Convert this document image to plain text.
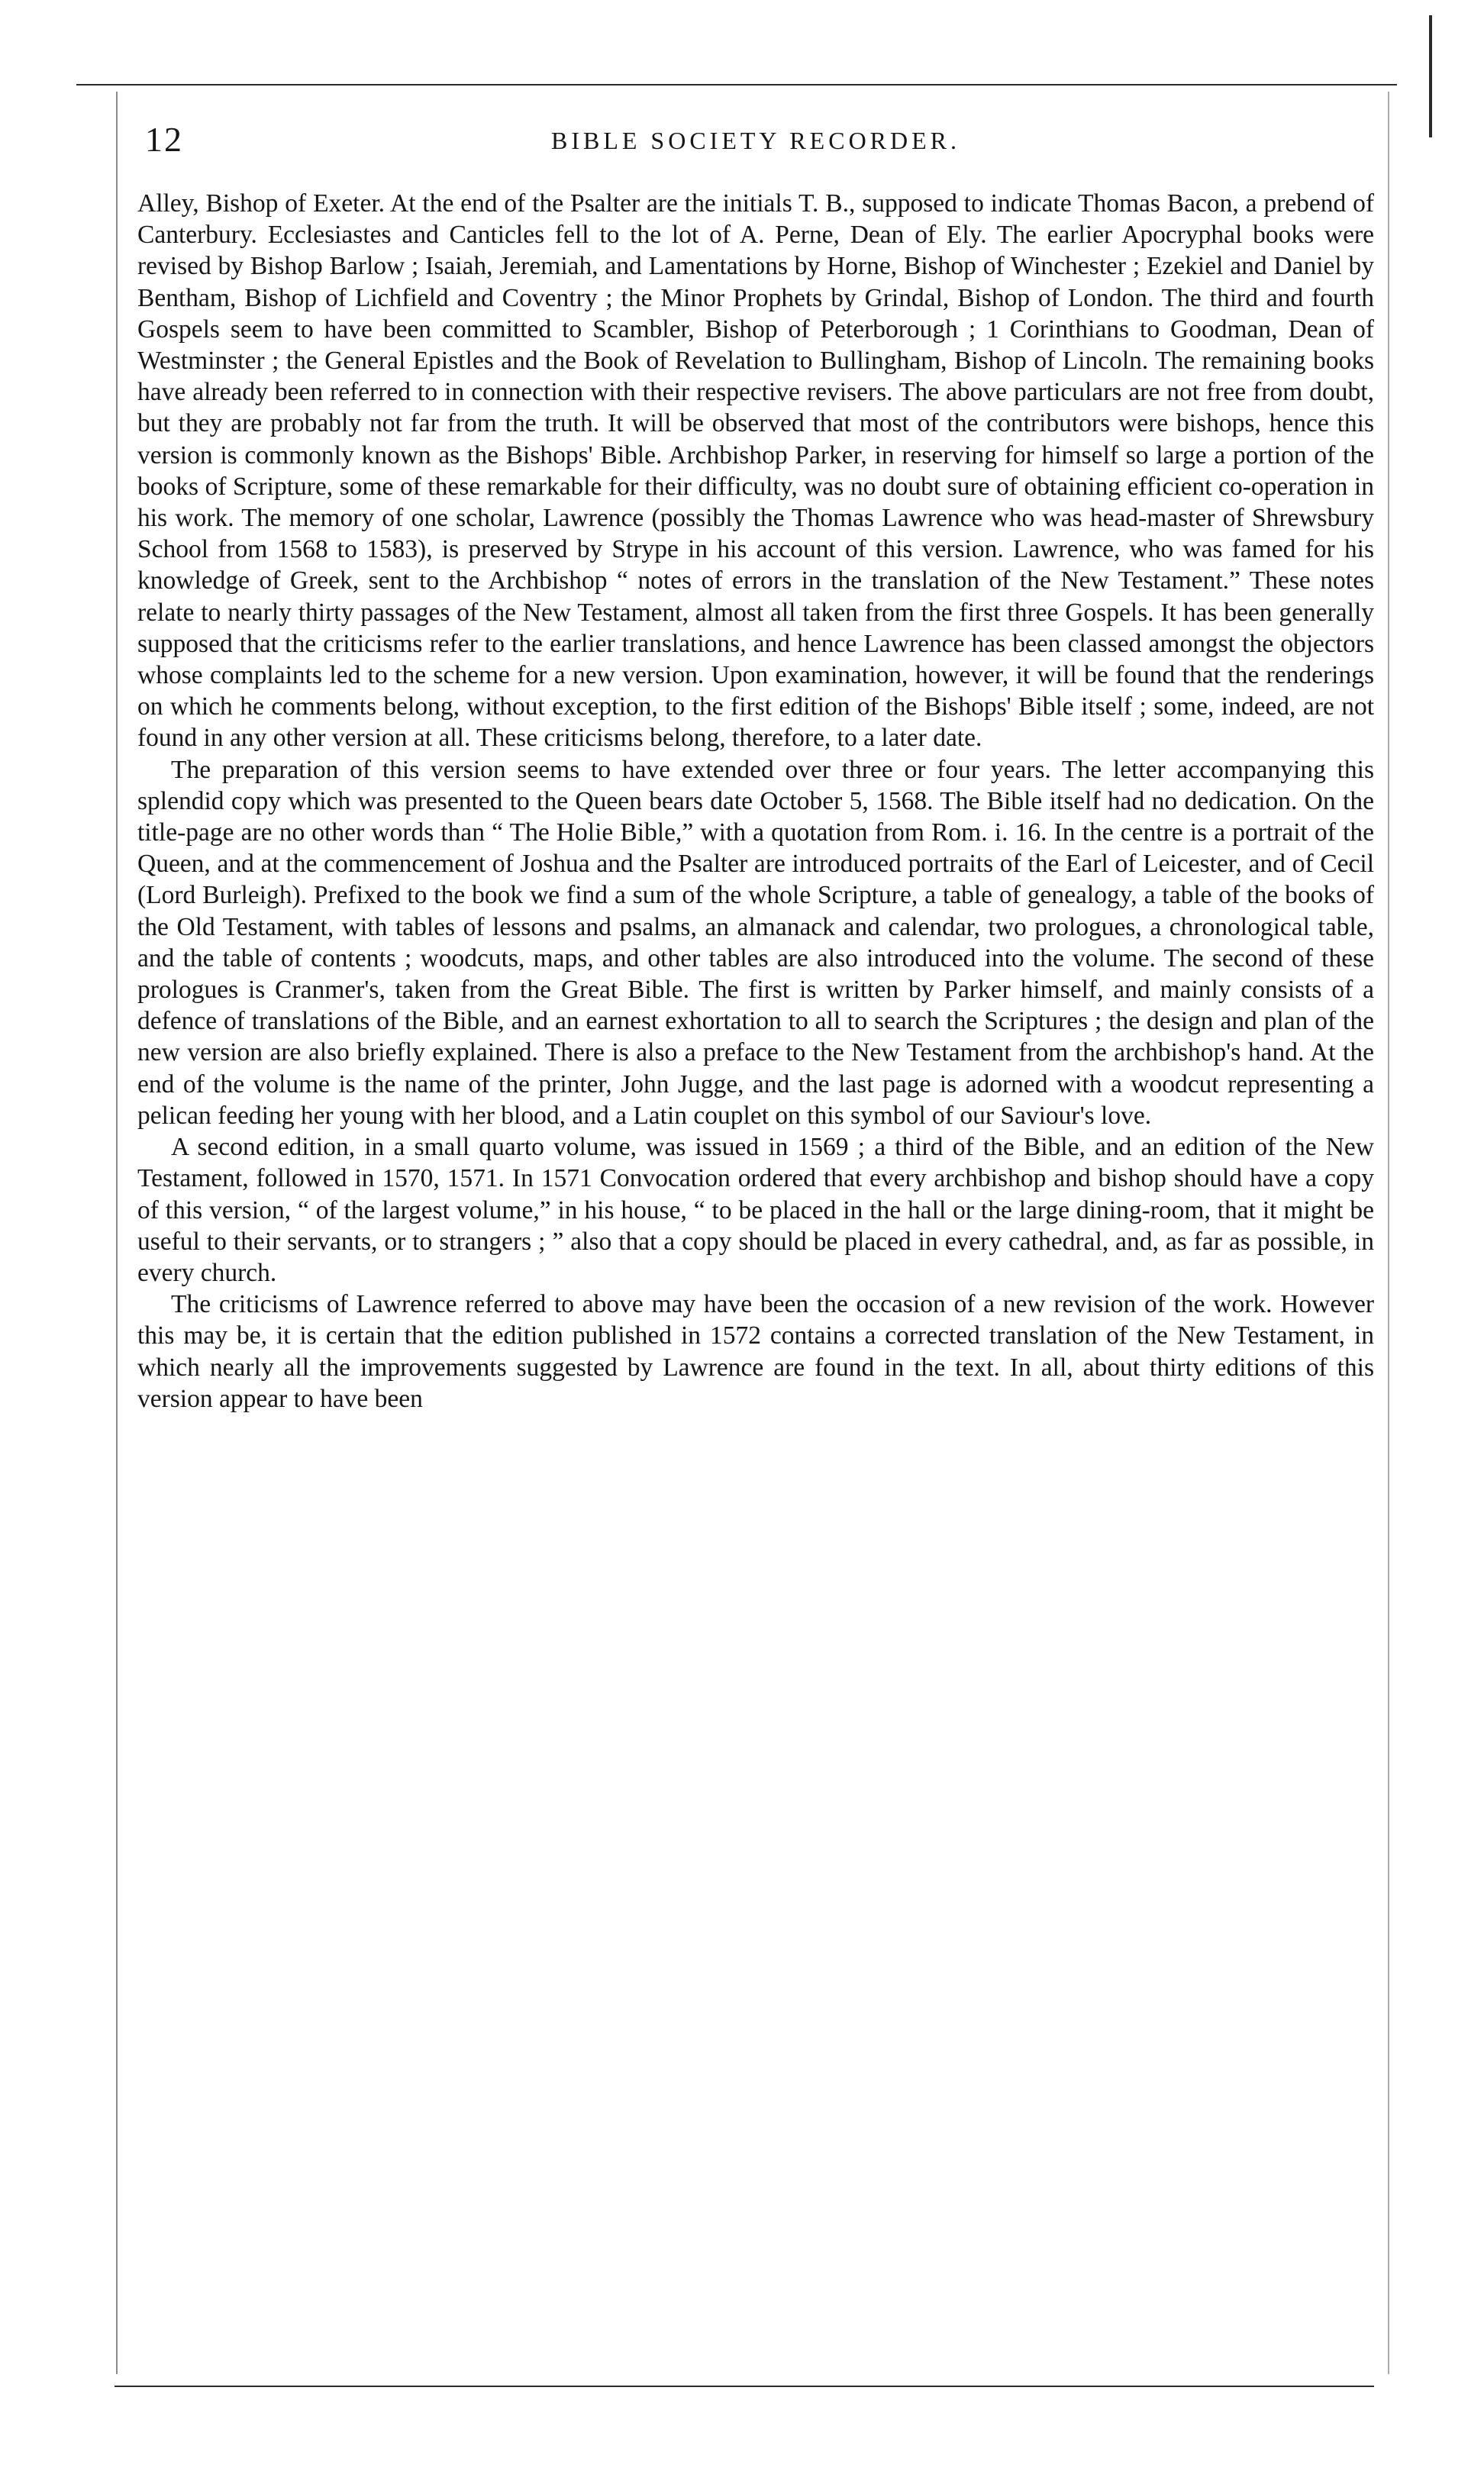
12	BIBLE SOCIETY RECORDER.

Alley, Bishop of Exeter. At the end of the Psalter are the initials T. B., supposed to indicate Thomas Bacon, a prebend of Canterbury. Ecclesiastes and Canticles fell to the lot of A. Perne, Dean of Ely. The earlier Apocryphal books were revised by Bishop Barlow ; Isaiah, Jeremiah, and Lamentations by Horne, Bishop of Winchester ; Ezekiel and Daniel by Bentham, Bishop of Lichfield and Coventry ; the Minor Prophets by Grindal, Bishop of London. The third and fourth Gospels seem to have been committed to Scambler, Bishop of Peterborough ; 1 Corinthians to Goodman, Dean of Westminster ; the General Epistles and the Book of Revelation to Bullingham, Bishop of Lincoln. The remaining books have already been referred to in connection with their respective revisers. The above particulars are not free from doubt, but they are probably not far from the truth. It will be observed that most of the contributors were bishops, hence this version is commonly known as the Bishops' Bible. Archbishop Parker, in reserving for himself so large a portion of the books of Scripture, some of these remarkable for their difficulty, was no doubt sure of obtaining efficient co-operation in his work. The memory of one scholar, Lawrence (possibly the Thomas Lawrence who was head-master of Shrewsbury School from 1568 to 1583), is preserved by Strype in his account of this version. Lawrence, who was famed for his knowledge of Greek, sent to the Archbishop “ notes of errors in the translation of the New Testament.” These notes relate to nearly thirty passages of the New Testament, almost all taken from the first three Gospels. It has been generally supposed that the criticisms refer to the earlier translations, and hence Lawrence has been classed amongst the objectors whose complaints led to the scheme for a new version. Upon examination, however, it will be found that the renderings on which he comments belong, without exception, to the first edition of the Bishops' Bible itself ; some, indeed, are not found in any other version at all. These criticisms belong, therefore, to a later date.

The preparation of this version seems to have extended over three or four years. The letter accompanying this splendid copy which was presented to the Queen bears date October 5, 1568. The Bible itself had no dedication. On the title-page are no other words than “ The Holie Bible,” with a quotation from Rom. i. 16. In the centre is a portrait of the Queen, and at the commencement of Joshua and the Psalter are introduced portraits of the Earl of Leicester, and of Cecil (Lord Burleigh). Prefixed to the book we find a sum of the whole Scripture, a table of genealogy, a table of the books of the Old Testament, with tables of lessons and psalms, an almanack and calendar, two prologues, a chronological table, and the table of contents ; woodcuts, maps, and other tables are also introduced into the volume. The second of these prologues is Cranmer's, taken from the Great Bible. The first is written by Parker himself, and mainly consists of a defence of translations of the Bible, and an earnest exhortation to all to search the Scriptures ; the design and plan of the new version are also briefly explained. There is also a preface to the New Testament from the archbishop's hand. At the end of the volume is the name of the printer, John Jugge, and the last page is adorned with a woodcut representing a pelican feeding her young with her blood, and a Latin couplet on this symbol of our Saviour's love.

A second edition, in a small quarto volume, was issued in 1569 ; a third of the Bible, and an edition of the New Testament, followed in 1570, 1571. In 1571 Convocation ordered that every archbishop and bishop should have a copy of this version, “ of the largest volume,” in his house, “ to be placed in the hall or the large dining-room, that it might be useful to their servants, or to strangers ; ” also that a copy should be placed in every cathedral, and, as far as possible, in every church.

The criticisms of Lawrence referred to above may have been the occasion of a new revision of the work. However this may be, it is certain that the edition published in 1572 contains a corrected translation of the New Testament, in which nearly all the improvements suggested by Lawrence are found in the text. In all, about thirty editions of this version appear to have been
